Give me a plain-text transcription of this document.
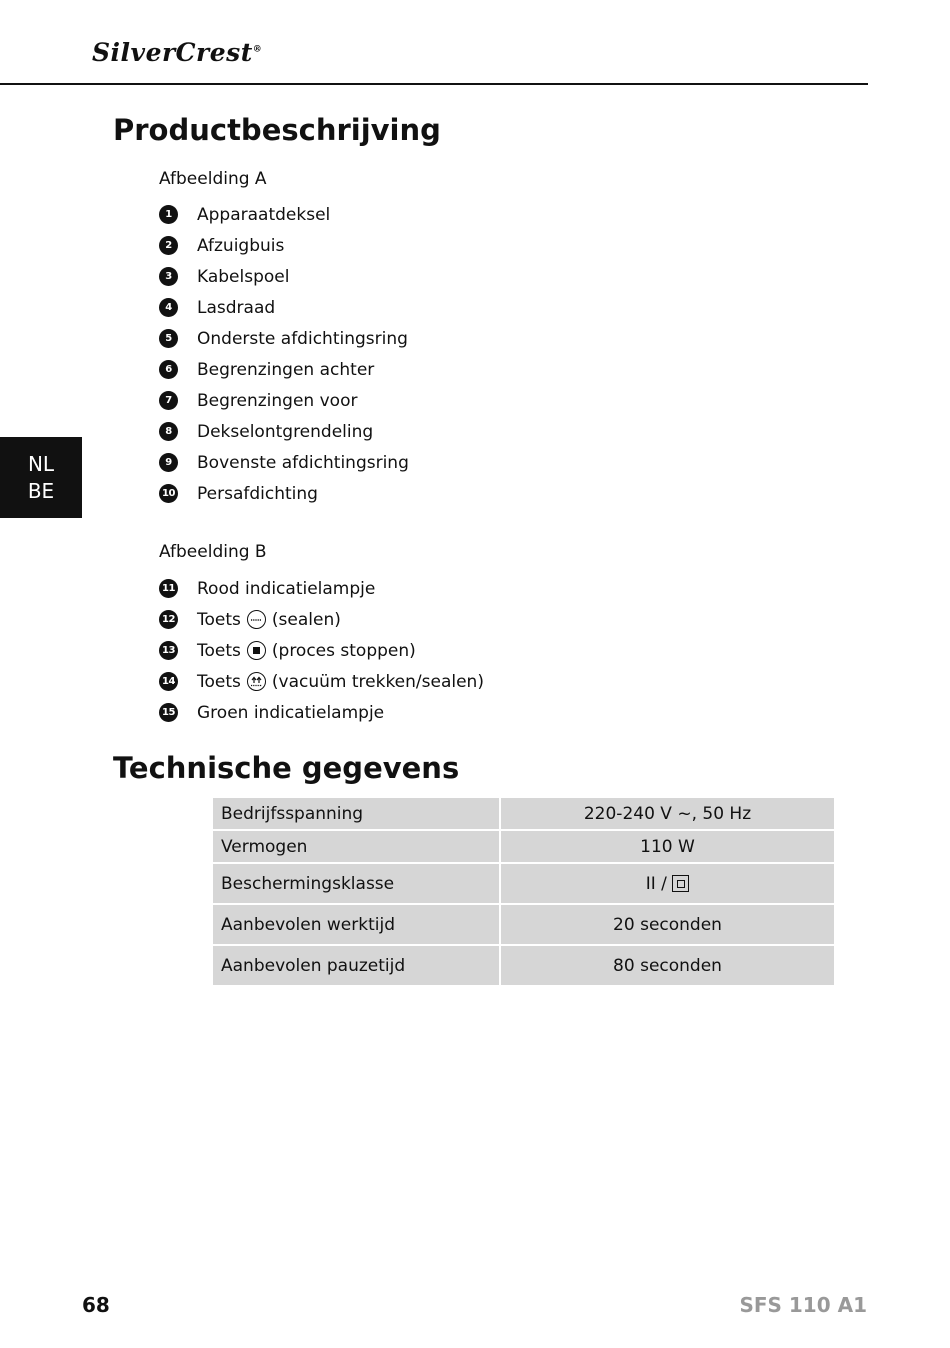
SilverCrest®
NL
BE
Productbeschrijving
Afbeelding A
1	Apparaatdeksel
2	Afzuigbuis
3	Kabelspoel
4	Lasdraad
5	Onderste afdichtingsring
6	Begrenzingen achter
7	Begrenzingen voor
8	Dekselontgrendeling
9	Bovenste afdichtingsring
10 Persafdichting
Afbeelding B
11 Rood indicatielampje
12 Toets (sealen)
13 Toets (proces stoppen)
14 Toets (vacuüm trekken/sealen)
15 Groen indicatielampje
Technische gegevens
Bedrijfsspanning	220-240 V ~, 50 Hz
Vermogen	110 W
Beschermingsklasse	II /

Aanbevolen werktijd	20 seconden
Aanbevolen pauzetijd	80 seconden
68	SFS 110 A1
